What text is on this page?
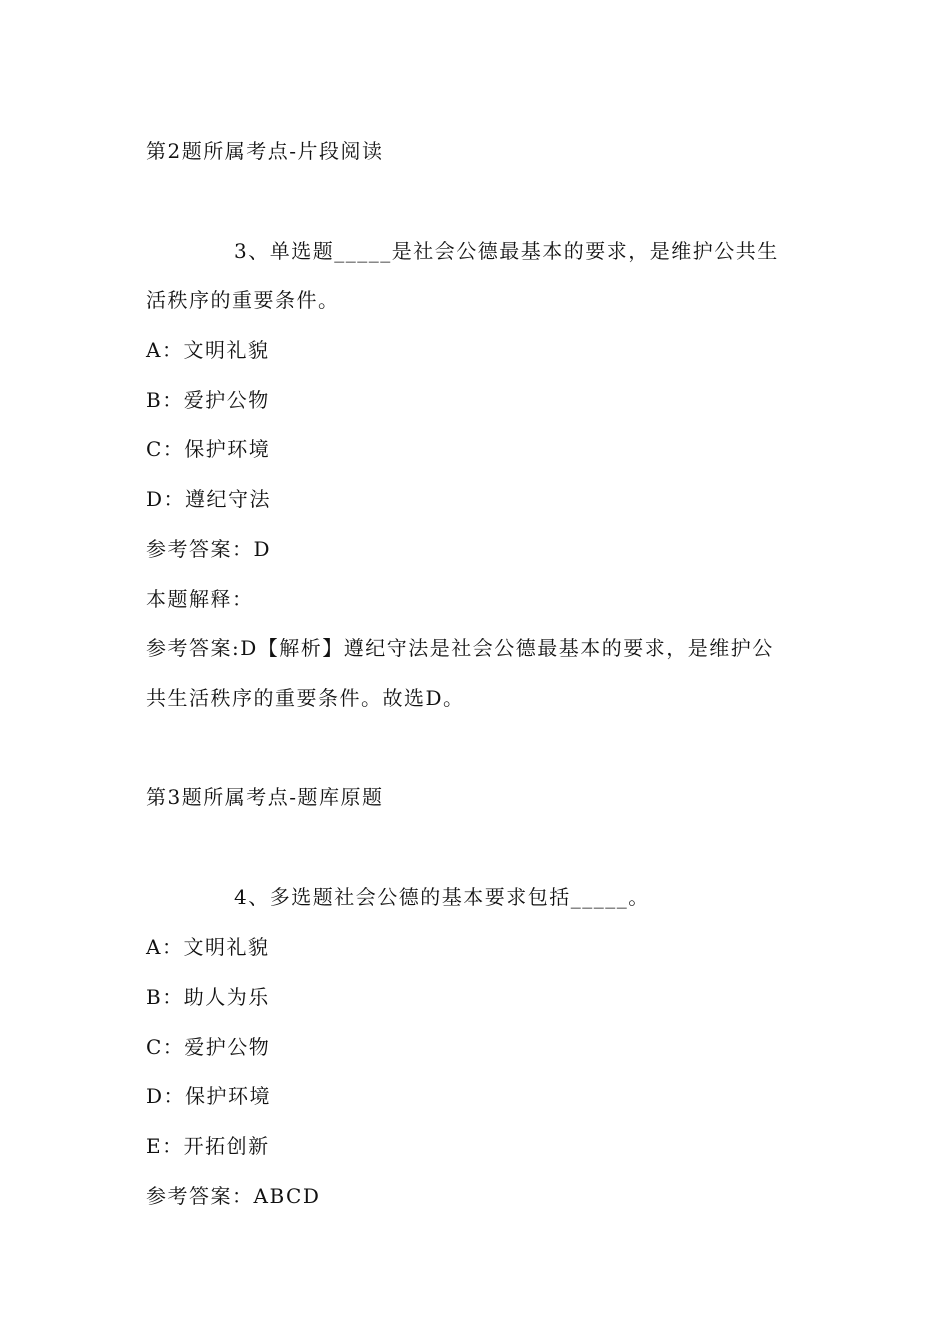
第2题所属考点-片段阅读
3、单选题_____是社会公德最基本的要求，是维护公共生
活秩序的重要条件。
A：文明礼貌
B：爱护公物
C：保护环境
D：遵纪守法
参考答案：D
本题解释：
参考答案:D【解析】遵纪守法是社会公德最基本的要求，是维护公
共生活秩序的重要条件。故选D。
第3题所属考点-题库原题
4、多选题社会公德的基本要求包括_____。
A：文明礼貌
B：助人为乐
C：爱护公物
D：保护环境
E：开拓创新
参考答案：ABCD
